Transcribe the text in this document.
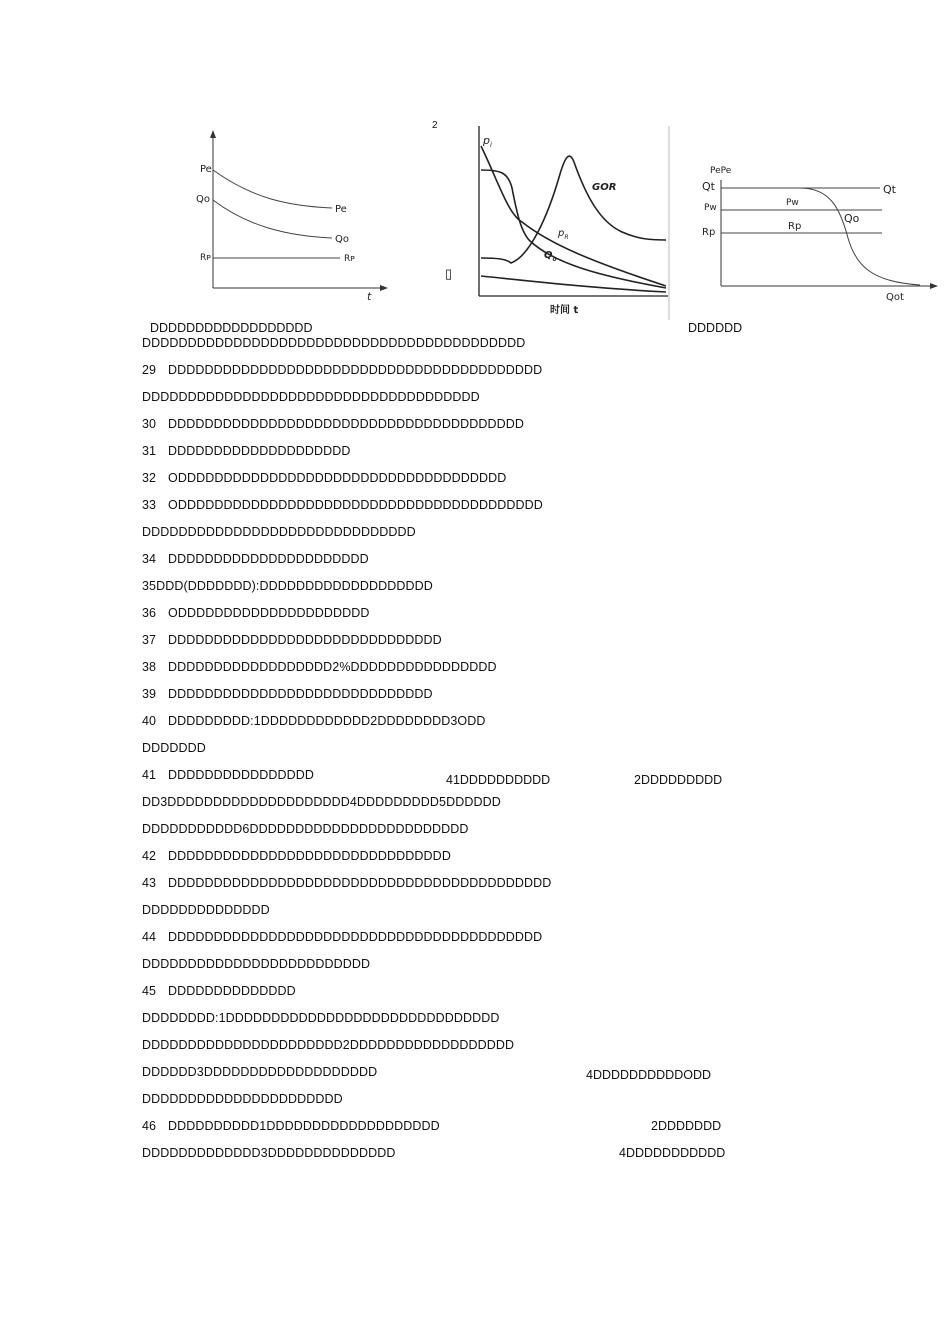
Pe
Qo
Rᴘ
Pe
Qo
Rᴘ
t
2
$p_i$
GOR
$p_R$
$Q_o$
时间 t
▯
PePe
Qt
Pw
Rp
Qt
Pw
Rp
Qo
Qot
DDDDDDDDDDDDDDDDDD	DDDDDD
DDDDDDDDDDDDDDDDDDDDDDDDDDDDDDDDDDDDDDDDDD
29 DDDDDDDDDDDDDDDDDDDDDDDDDDDDDDDDDDDDDDDDD
DDDDDDDDDDDDDDDDDDDDDDDDDDDDDDDDDDDDD
30 DDDDDDDDDDDDDDDDDDDDDDDDDDDDDDDDDDDDDDD
31 DDDDDDDDDDDDDDDDDDDD
32 ODDDDDDDDDDDDDDDDDDDDDDDDDDDDDDDDDDDD
33 ODDDDDDDDDDDDDDDDDDDDDDDDDDDDDDDDDDDDDDDD
DDDDDDDDDDDDDDDDDDDDDDDDDDDDDD
34 DDDDDDDDDDDDDDDDDDDDDD
35DDD(DDDDDDD):DDDDDDDDDDDDDDDDDDD
36 ODDDDDDDDDDDDDDDDDDDDD
37 DDDDDDDDDDDDDDDDDDDDDDDDDDDDDD
38 DDDDDDDDDDDDDDDDDD2%DDDDDDDDDDDDDDDD
39 DDDDDDDDDDDDDDDDDDDDDDDDDDDDD
40 DDDDDDDDD:1DDDDDDDDDDDD2DDDDDDDD3ODD
DDDDDDD
41 DDDDDDDDDDDDDDDD
DD3DDDDDDDDDDDDDDDDDDDD4DDDDDDDDD5DDDDDD
DDDDDDDDDDD6DDDDDDDDDDDDDDDDDDDDDDDD
42 DDDDDDDDDDDDDDDDDDDDDDDDDDDDDDD
43 DDDDDDDDDDDDDDDDDDDDDDDDDDDDDDDDDDDDDDDDDD
DDDDDDDDDDDDDD
44 DDDDDDDDDDDDDDDDDDDDDDDDDDDDDDDDDDDDDDDDD
DDDDDDDDDDDDDDDDDDDDDDDDD
45 DDDDDDDDDDDDDD
DDDDDDDD:1DDDDDDDDDDDDDDDDDDDDDDDDDDDDDD
DDDDDDDDDDDDDDDDDDDDDD2DDDDDDDDDDDDDDDDDD
DDDDDD3DDDDDDDDDDDDDDDDDDD
DDDDDDDDDDDDDDDDDDDDDD
46 DDDDDDDDDD1DDDDDDDDDDDDDDDDDDD
DDDDDDDDDDDDD3DDDDDDDDDDDDDD
41DDDDDDDDDD	2DDDDDDDDD
4DDDDDDDDDDODD
2DDDDDDD
4DDDDDDDDDDD
